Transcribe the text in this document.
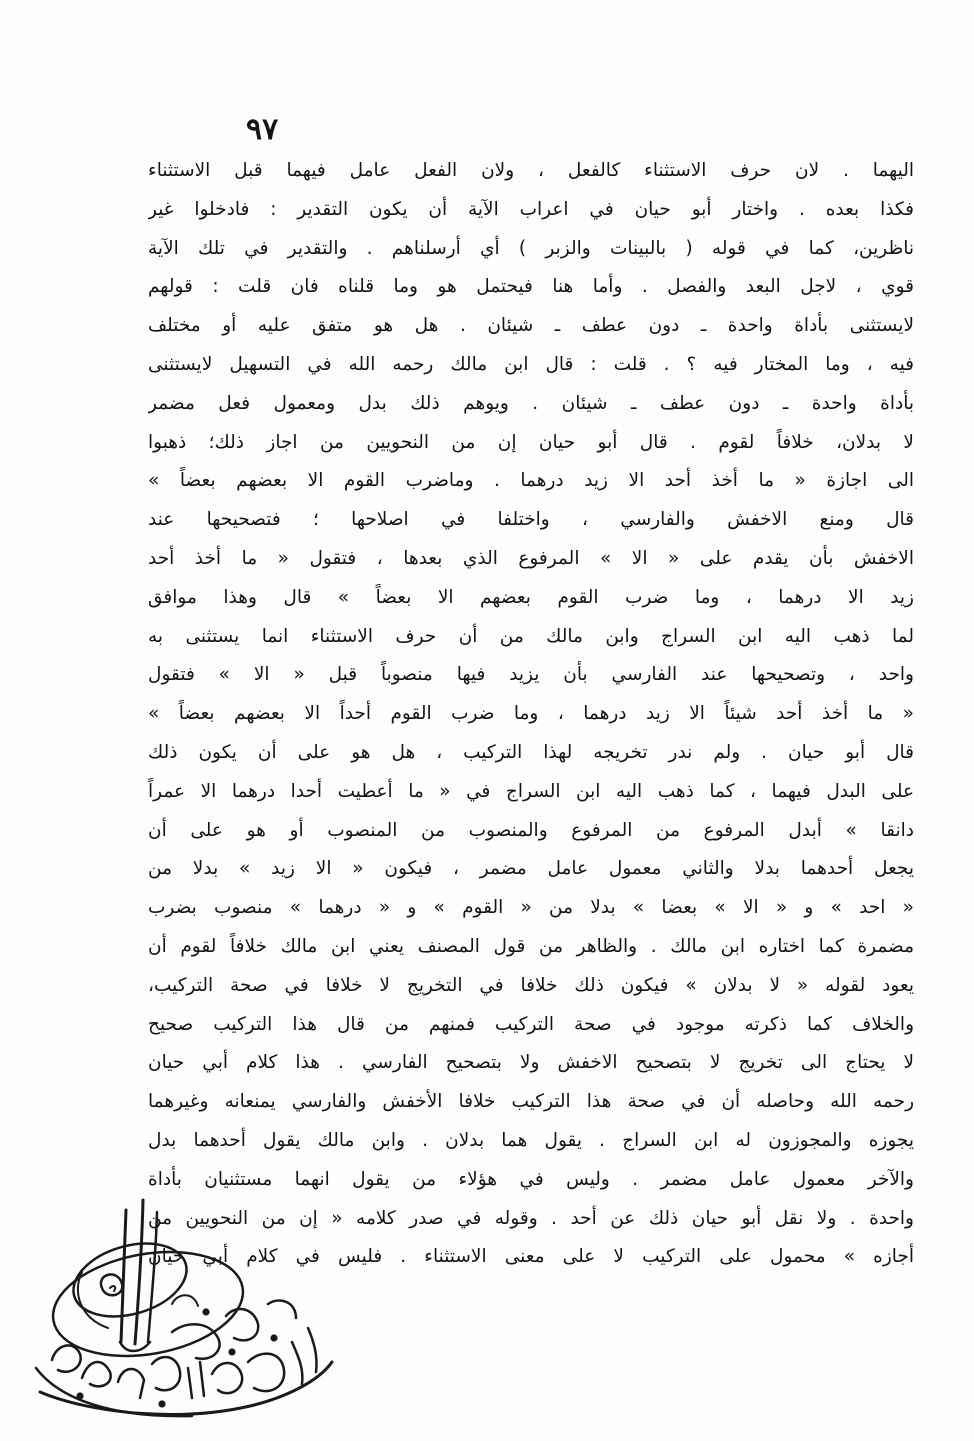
٩٧
اليهما . لان حرف الاستثناء كالفعل ، ولان الفعل عامل فيهما قبل الاستثناء
فكذا بعده . واختار أبو حيان في اعراب الآية أن يكون التقدير : فادخلوا غير
ناظرين، كما في قوله ( بالبينات والزبر ) أي أرسلناهم . والتقدير في تلك الآية
قوي ، لاجل البعد والفصل . وأما هنا فيحتمل هو وما قلناه فان قلت : قولهم
لايستثنى بأداة واحدة ـ دون عطف ـ شيئان . هل هو متفق عليه أو مختلف
فيه ، وما المختار فيه ؟ . قلت : قال ابن مالك رحمه الله في التسهيل لايستثنى
بأداة واحدة ـ دون عطف ـ شيئان . ويوهم ذلك بدل ومعمول فعل مضمر
لا بدلان، خلافاً لقوم . قال أبو حيان إن من النحويين من اجاز ذلك؛ ذهبوا
الى اجازة « ما أخذ أحد الا زيد درهما . وماضرب القوم الا بعضهم بعضاً »
قال ومنع الاخفش والفارسي ، واختلفا في اصلاحها ؛ فتصحيحها عند
الاخفش بأن يقدم على « الا » المرفوع الذي بعدها ، فتقول « ما أخذ أحد
زيد الا درهما ، وما ضرب القوم بعضهم الا بعضاً » قال وهذا موافق
لما ذهب اليه ابن السراج وابن مالك من أن حرف الاستثناء انما يستثنى به
واحد ، وتصحيحها عند الفارسي بأن يزيد فيها منصوباً قبل « الا » فتقول
« ما أخذ أحد شيئاً الا زيد درهما ، وما ضرب القوم أحداً الا بعضهم بعضاً »
قال أبو حيان . ولم ندر تخريجه لهذا التركيب ، هل هو على أن يكون ذلك
على البدل فيهما ، كما ذهب اليه ابن السراج في « ما أعطيت أحدا درهما الا عمراً
دانقا » أبدل المرفوع من المرفوع والمنصوب من المنصوب أو هو على أن
يجعل أحدهما بدلا والثاني معمول عامل مضمر ، فيكون « الا زيد » بدلا من
« احد » و « الا » بعضا » بدلا من « القوم » و « درهما » منصوب بضرب
مضمرة كما اختاره ابن مالك . والظاهر من قول المصنف يعني ابن مالك خلافاً لقوم أن
يعود لقوله « لا بدلان » فيكون ذلك خلافا في التخريج لا خلافا في صحة التركيب،
والخلاف كما ذكرته موجود في صحة التركيب فمنهم من قال هذا التركيب صحيح
لا يحتاج الى تخريج لا بتصحيح الاخفش ولا بتصحيح الفارسي . هذا كلام أبي حيان
رحمه الله وحاصله أن في صحة هذا التركيب خلافا الأخفش والفارسي يمنعانه وغيرهما
يجوزه والمجوزون له ابن السراج . يقول هما بدلان . وابن مالك يقول أحدهما بدل
والآخر معمول عامل مضمر . وليس في هؤلاء من يقول انهما مستثنيان بأداة
واحدة . ولا نقل أبو حيان ذلك عن أحد . وقوله في صدر كلامه « إن من النحويين من
أجازه » محمول على التركيب لا على معنى الاستثناء . فليس في كلام أبي حيان
